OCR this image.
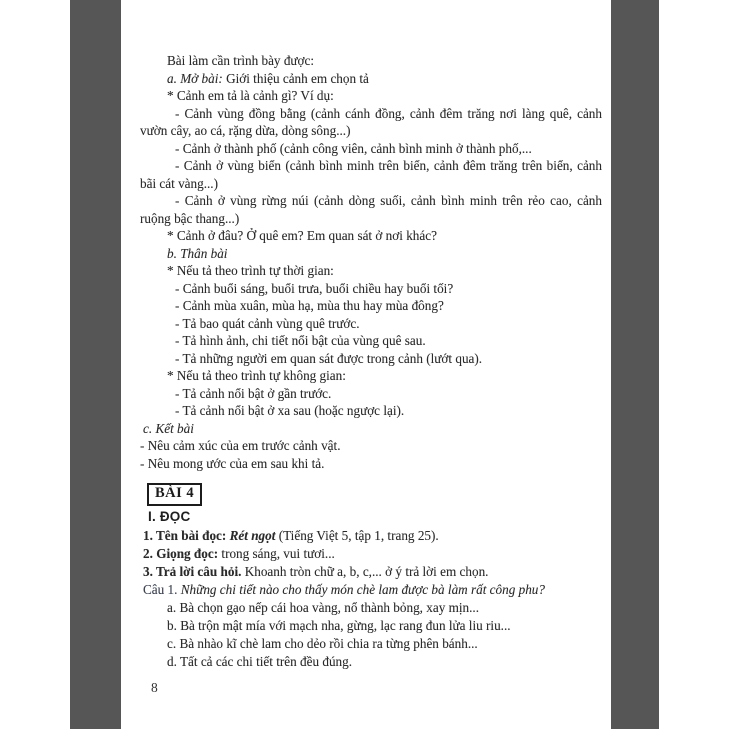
Bài làm cần trình bày được:
a. Mở bài: Giới thiệu cảnh em chọn tả
* Cảnh em tả là cảnh gì? Ví dụ:
- Cảnh vùng đồng bằng (cảnh cánh đồng, cảnh đêm trăng nơi làng quê, cảnh
vườn cây, ao cá, rặng dừa, dòng sông...)
- Cảnh ở thành phố (cảnh công viên, cảnh bình minh ở thành phố,...
- Cảnh ở vùng biển (cảnh bình minh trên biển, cảnh đêm trăng trên biển, cảnh
bãi cát vàng...)
- Cảnh ở vùng rừng núi (cảnh dòng suối, cảnh bình minh trên rẻo cao, cảnh
ruộng bậc thang...)
* Cảnh ở đâu? Ở quê em? Em quan sát ở nơi khác?
b. Thân bài
* Nếu tả theo trình tự thời gian:
- Cảnh buổi sáng, buổi trưa, buổi chiều hay buổi tối?
- Cảnh mùa xuân, mùa hạ, mùa thu hay mùa đông?
- Tả bao quát cảnh vùng quê trước.
- Tả hình ảnh, chi tiết nổi bật của vùng quê sau.
- Tả những người em quan sát được trong cảnh (lướt qua).
* Nếu tả theo trình tự không gian:
- Tả cảnh nổi bật ở gần trước.
- Tả cảnh nổi bật ở xa sau (hoặc ngược lại).
c. Kết bài
- Nêu cảm xúc của em trước cảnh vật.
- Nêu mong ước của em sau khi tả.
BÀI 4
I. ĐỌC
1. Tên bài đọc: Rét ngọt (Tiếng Việt 5, tập 1, trang 25).
2. Giọng đọc: trong sáng, vui tươi...
3. Trả lời câu hỏi. Khoanh tròn chữ a, b, c,... ở ý trả lời em chọn.
Câu 1. Những chi tiết nào cho thấy món chè lam được bà làm rất công phu?
a. Bà chọn gạo nếp cái hoa vàng, nổ thành bỏng, xay mịn...
b. Bà trộn mật mía với mạch nha, gừng, lạc rang đun lửa liu riu...
c. Bà nhào kĩ chè lam cho dẻo rồi chia ra từng phên bánh...
d. Tất cả các chi tiết trên đều đúng.
8
